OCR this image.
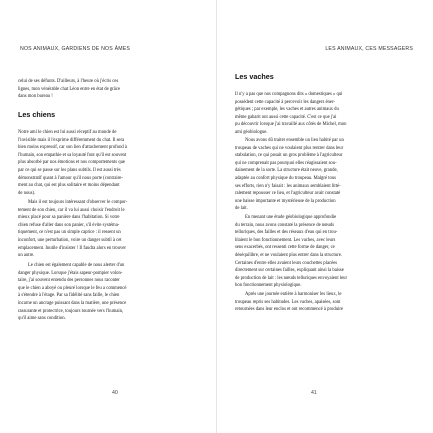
NOS ANIMAUX, GARDIENS DE NOS ÂMES

celui de ses défunts. D'ailleurs, à l'heure où j'écris ces

lignes, mon vénérable chat Léon entre en état de grâce

dans mon bureau !

Les chiens

Notre ami le chien est lui aussi réceptif au monde de

l'invisible mais il l'exprime différemment du chat. Il sera

bien moins expressif, car son lien d'attachement profond à

l'humain, son empathie et sa loyauté font qu'il est souvent

plus absorbé par nos émotions et nos comportements que

par ce qui se passe sur les plans subtils. Il est aussi très

démonstratif quant à l'amour qu'il nous porte (contraire-

ment au chat, qui est plus solitaire et moins dépendant

de nous).

Mais il est toujours intéressant d'observer le compor-

tement de son chien, car il va lui aussi choisir l'endroit le

mieux placé pour sa panière dans l'habitation. Si votre

chien refuse d'aller dans son panier, s'il évite systéma-

tiquement, ce n'est pas un simple caprice : il ressent un

inconfort, une perturbation, voire un danger subtil à cet

emplacement. Inutile d'insister ! Il faudra alors en trouver

un autre.

Le chien est également capable de nous alerter d'un

danger physique. Lorsque j'étais sapeur-pompier volon-

taire, j'ai souvent entendu des personnes nous raconter

que le chien a aboyé ou pleuré lorsque le feu a commencé

à s'étendre à l'étage. Par sa fidélité sans faille, le chien

incarne un ancrage puissant dans la matière, une présence

rassurante et protectrice, toujours tournée vers l'humain,

qu'il aime sans condition.

40
LES ANIMAUX, CES MESSAGERS
Les vaches

Il n'y a pas que nos compagnons dits « domestiques » qui

possèdent cette capacité à percevoir les dangers éner-

gétiques ; par exemple, les vaches et autres animaux du

même gabarit ont aussi cette capacité. C'est ce que j'ai

pu découvrir lorsque j'ai travaillé aux côtés de Michel, mon

ami géobiologue.

Nous avons dû traiter ensemble un lieu habité par un

troupeau de vaches qui ne voulaient plus rentrer dans leur

stabulation, ce qui posait un gros problème à l'agriculteur

qui ne comprenait pas pourquoi elles réagissaient sou-

dainement de la sorte. La structure était neuve, grande,

adaptée au confort physique du troupeau. Malgré tous

ses efforts, rien n'y faisait : les animaux semblaient litté-

ralement repousser ce lieu, et l'agriculteur avait constaté

une baisse importante et mystérieuse de la production

de lait.

En menant une étude géobiologique approfondie

du terrain, nous avons constaté la présence de nœuds

telluriques, des failles et des réseaux d'eau qui en trou-

blaient le bon fonctionnement. Les vaches, avec leurs

sens exacerbés, ont ressenti cette forme de danger, ce

déséquilibre, et ne voulaient plus entrer dans la structure.

Certaines d'entre elles avaient leurs couchettes placées

directement sur certaines failles, expliquant ainsi la baisse

de production de lait : les nœuds telluriques envoyaient leur

bon fonctionnement physiologique.

Après une journée entière à harmoniser les lieux, le

troupeau repris ses habitudes. Les vaches, apaisées, sont

retournées dans leur enclos et ont recommencé à produire

41
